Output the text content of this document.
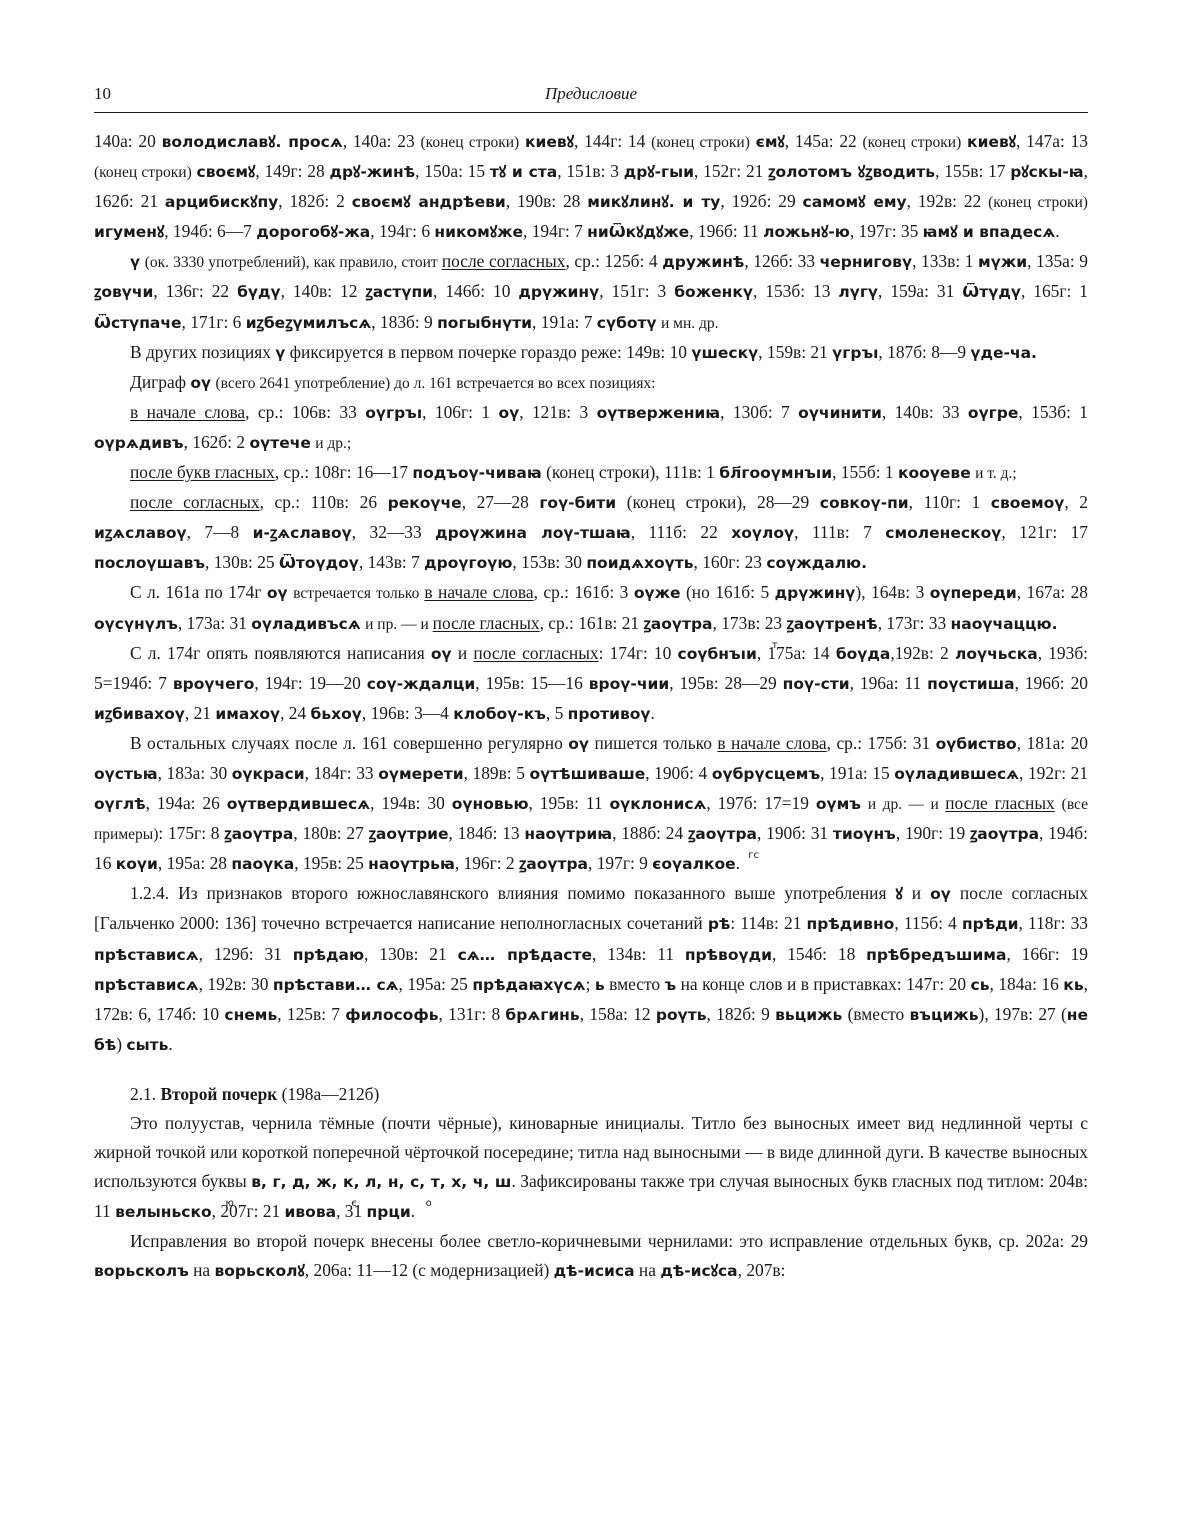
10	Предисловие

140а: 20 володиславꙋ. просѧ, 140а: 23 (конец строки) киевꙋ, 144г: 14 (конец строки) ємꙋ, 145а: 22 (конец строки) киевꙋ, 147а: 13 (конец строки) своємꙋ, 149г: 28 дрꙋ-жинѣ, 150а: 15 тꙋ и ста, 151в: 3 дрꙋ-гыи, 152г: 21 ꙁолотомъ ꙋꙁводить, 155в: 17 рꙋскы-ꙗ, 162б: 21 арцибискꙋпу, 182б: 2 своємꙋ андрѣеви, 190в: 28 микꙋлинꙋ. и ту, 192б: 29 самомꙋ ему, 192в: 22 (конец строки) игуменꙋ, 194б: 6—7 дорогобꙋ-жа, 194г: 6 никомꙋже, 194г: 7 ниѾкꙋдꙋже, 196б: 11 ложьнꙋ-ю, 197г: 35 ꙗмꙋ и впадесѧ.

ү (ок. 3330 употреблений), как правило, стоит после согласных, ср.: 125б: 4 дружинѣ, 126б: 33 черниговү, 133в: 1 мүжи, 135а: 9 ꙁовүчи, 136г: 22 бүдү, 140в: 12 ꙁастүпи, 146б: 10 дрүжинү, 151г: 3 боженкү, 153б: 13 лүгү, 159а: 31 Ѿтүдү, 165г: 1 Ѿстүпаче, 171г: 6 иꙁбеꙁүмилъсѧ, 183б: 9 погыбнүти, 191а: 7 сүботү и мн. др.

В других позициях ү фиксируется в первом почерке гораздо реже: 149в: 10 үшескү, 159в: 21 үгръı, 187б: 8—9 үде-ча.

Диграф оү (всего 2641 употребление) до л. 161 встречается во всех позициях:

в начале слова, ср.: 106в: 33 оүгръı, 106г: 1 оү, 121в: 3 оүтвержениꙗ, 130б: 7 оүчинити, 140в: 33 оүгре, 153б: 1 оүрѧдивъ, 162б: 2 оүтече и др.;

после букв гласных, ср.: 108г: 16—17 подъоү-чиваꙗ (конец строки), 111в: 1 бл҃гооүмнъıи, 155б: 1 кооүеве и т. д.;

после согласных, ср.: 110в: 26 рекоүче, 27—28 гоү-бити (конец строки), 28—29 совкоү-пи, 110г: 1 своемоү, 2 иꙁѧславоү, 7—8 и-ꙁѧславоү, 32—33 дроүжина лоү-тшаꙗ, 111б: 22 хоүлоү, 111в: 7 смоленескоү, 121г: 17 послоүшавъ, 130в: 25 Ѿтоүдоү, 143в: 7 дроүгоүю, 153в: 30 поидѧхоүть, 160г: 23 соүждалю.

С л. 161а по 174г оү встречается только в начале слова, ср.: 161б: 3 оүже (но 161б: 5 дрүжинү), 164в: 3 оүпереди, 167а: 28 оүсүнүлъ, 173а: 31 оүладивъсѧ и пр. — и после гласных, ср.: 161в: 21 ꙁаоүтра, 173в: 23 ꙁаоүтренѣ, 173г: 33 наоүчаццю.

С л. 174г опять появляются написания оү и после согласных: 174г: 10 соүбнъıи, 175а: 14 боүда,192в: 2 лоүчьска, 193б: 5=194б: 7 вроүчего, 194г: 19—20 соү-ждалци, 195в: 15—16 вроү-чии, 195в: 28—29 поү-сти, 196а: 11 поүстиша, 196б: 20 иꙁбивахоү, 21 имахоү, 24 бьхоү, 196в: 3—4 клобоү-къ, 5 противоү.

В остальных случаях после л. 161 совершенно регулярно оү пишется только в начале слова, ср.: 175б: 31 оүбиство, 181а: 20 оүстьꙗ, 183а: 30 оүкраси, 184г: 33 оүмерети, 189в: 5 оүтѣшиваше, 190б: 4 оүбрүсцемъ, 191а: 15 оүладившесѧ, 192г: 21 оүглѣ, 194а: 26 оүтвердившесѧ, 194в: 30 оүновью, 195в: 11 оүклонисѧ, 197б: 17=19 оүмъ и др. — и после гласных (все примеры): 175г: 8 ꙁаоүтра, 180в: 27 ꙁаоүтрие, 184б: 13 наоүтриꙗ, 188б: 24 ꙁаоүтра, 190б: 31 тиоүнъ, 190г: 19 ꙁаоүтра, 194б: 16 коүи, 195а: 28 паоүка, 195в: 25 наоүтрьꙗ, 196г: 2 ꙁаоүтра, 197г: 9 єоүалкое.

1.2.4. Из признаков второго южнославянского влияния помимо показанного выше употребления ꙋ и оү после согласных [Гальченко 2000: 136] точечно встречается написание неполногласных сочетаний рѣ: 114в: 21 прѣдивно, 115б: 4 прѣди, 118г: 33 прѣстависѧ, 129б: 31 прѣдаю, 130в: 21 сѧ… прѣдасте, 134в: 11 прѣвоүди, 154б: 18 прѣбредъшима, 166г: 19 прѣстависѧ, 192в: 30 прѣстави… сѧ, 195а: 25 прѣдаꙗхүсѧ; ь вместо ъ на конце слов и в приставках: 147г: 20 сь, 184а: 16 кь, 172в: 6, 174б: 10 снемь, 125в: 7 философь, 131г: 8 брѧгинь, 158а: 12 роүть, 182б: 9 вьцижь (вместо въцижь), 197в: 27 (не бѣ) сыть.

2.1. Второй почерк (198а—212б)

Это полуустав, чернила тёмные (почти чёрные), киноварные инициалы. Титло без выносных имеет вид недлинной черты с жирной точкой или короткой поперечной чёрточкой посередине; титла над выносными — в виде длинной дуги. В качестве выносных используются буквы в, г, д, ж, к, л, н, с, т, х, ч, ш. Зафиксированы также три случая выносных букв гласных под титлом: 204в: 11 велыньско, 207г: 21 ивова, 31 прци.

Исправления во второй почерк внесены более светло-коричневыми чернилами: это исправление отдельных букв, ср. 202а: 29 ворьсколъ на ворьсколꙋ, 206а: 11—12 (с модернизацией) дѣ-исиса на дѣ-исꙋса, 207в:
